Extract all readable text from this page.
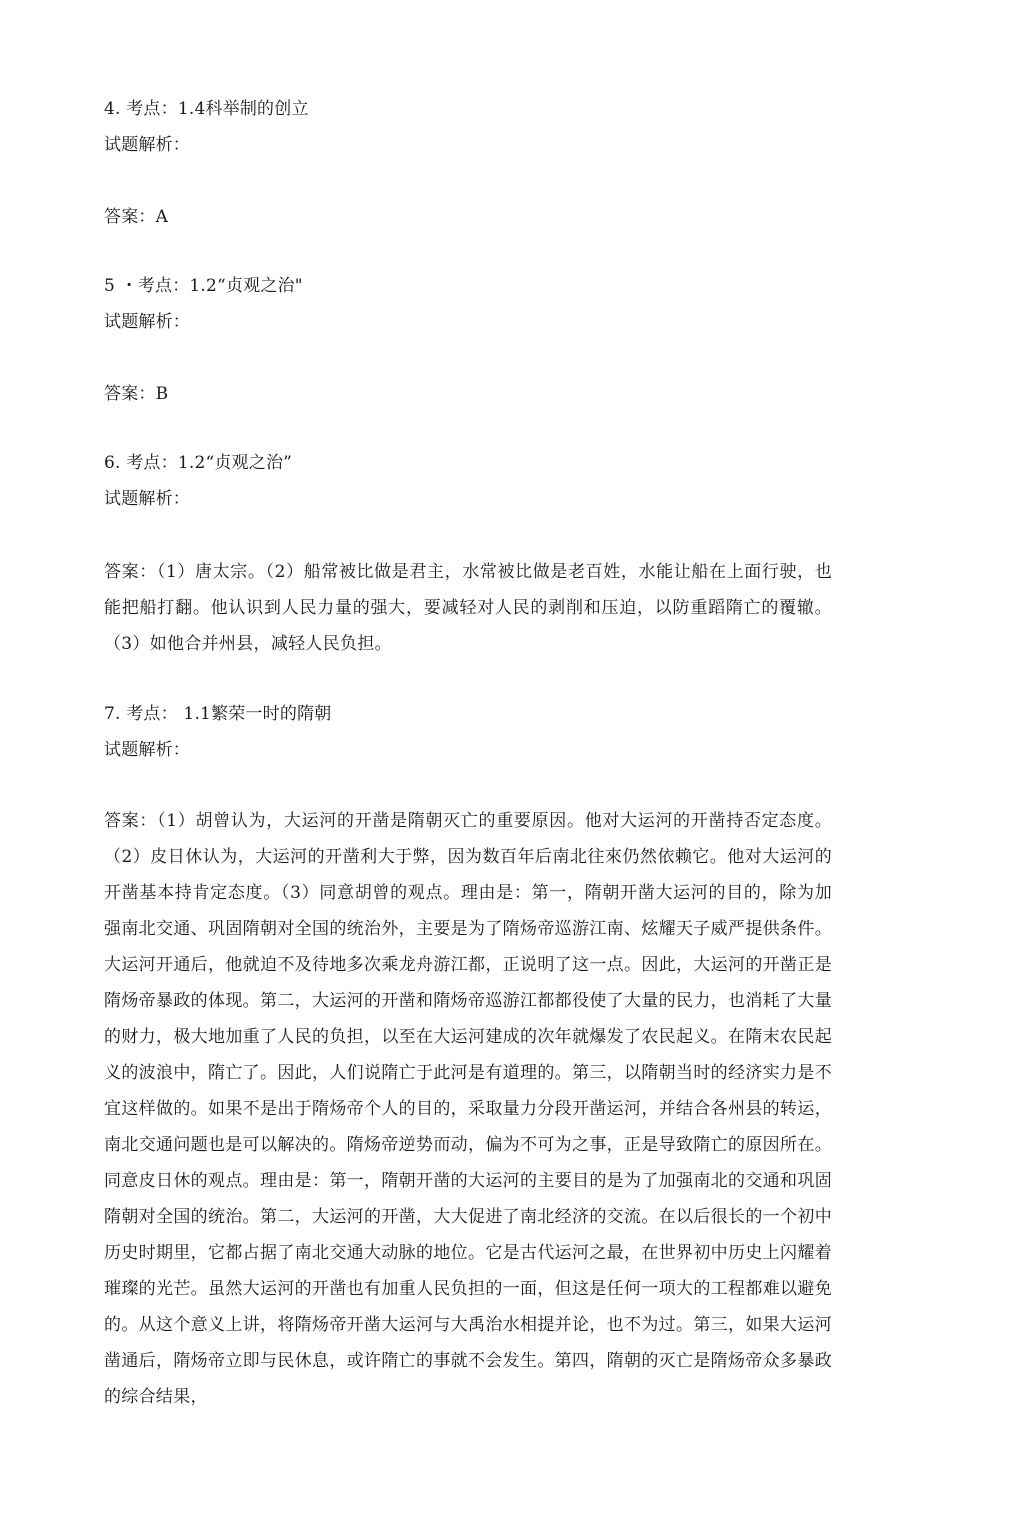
4. 考点：1.4科举制的创立
试题解析：
答案：A
5 ・考点：1.2“贞观之治"
试题解析：
答案：B
6. 考点：1.2“贞观之治”
试题解析：
答案：（1）唐太宗。（2）船常被比做是君主，水常被比做是老百姓，水能让船在上面行驶，也能把船打翻。他认识到人民力量的强大，要减轻对人民的剥削和压迫，以防重蹈隋亡的覆辙。（3）如他合并州县，减轻人民负担。
7. 考点： 1.1繁荣一时的隋朝
试题解析：
答案：（1）胡曾认为，大运河的开凿是隋朝灭亡的重要原因。他对大运河的开凿持否定态度。（2）皮日休认为，大运河的开凿利大于弊，因为数百年后南北往來仍然依赖它。他对大运河的开凿基本持肯定态度。（3）同意胡曾的观点。理由是：第一，隋朝开凿大运河的目的，除为加强南北交通、巩固隋朝对全国的统治外，主要是为了隋炀帝巡游江南、炫耀天子威严提供条件。大运河开通后，他就迫不及待地多次乘龙舟游江都，正说明了这一点。因此，大运河的开凿正是隋炀帝暴政的体现。第二，大运河的开凿和隋炀帝巡游江都都役使了大量的民力，也消耗了大量的财力，极大地加重了人民的负担，以至在大运河建成的次年就爆发了农民起义。在隋末农民起义的波浪中，隋亡了。因此，人们说隋亡于此河是有道理的。第三，以隋朝当时的经济实力是不宜这样做的。如果不是出于隋炀帝个人的目的，采取量力分段开凿运河，并结合各州县的转运，南北交通问题也是可以解决的。隋炀帝逆势而动，偏为不可为之事，正是导致隋亡的原因所在。同意皮日休的观点。理由是：第一，隋朝开凿的大运河的主要目的是为了加强南北的交通和巩固隋朝对全国的统治。第二，大运河的开凿，大大促进了南北经济的交流。在以后很长的一个初中历史时期里，它都占据了南北交通大动脉的地位。它是古代运河之最，在世界初中历史上闪耀着璀璨的光芒。虽然大运河的开凿也有加重人民负担的一面，但这是任何一项大的工程都难以避免的。从这个意义上讲，将隋炀帝开凿大运河与大禹治水相提并论，也不为过。第三，如果大运河凿通后，隋炀帝立即与民休息，或许隋亡的事就不会发生。第四，隋朝的灭亡是隋炀帝众多暴政的综合结果，
